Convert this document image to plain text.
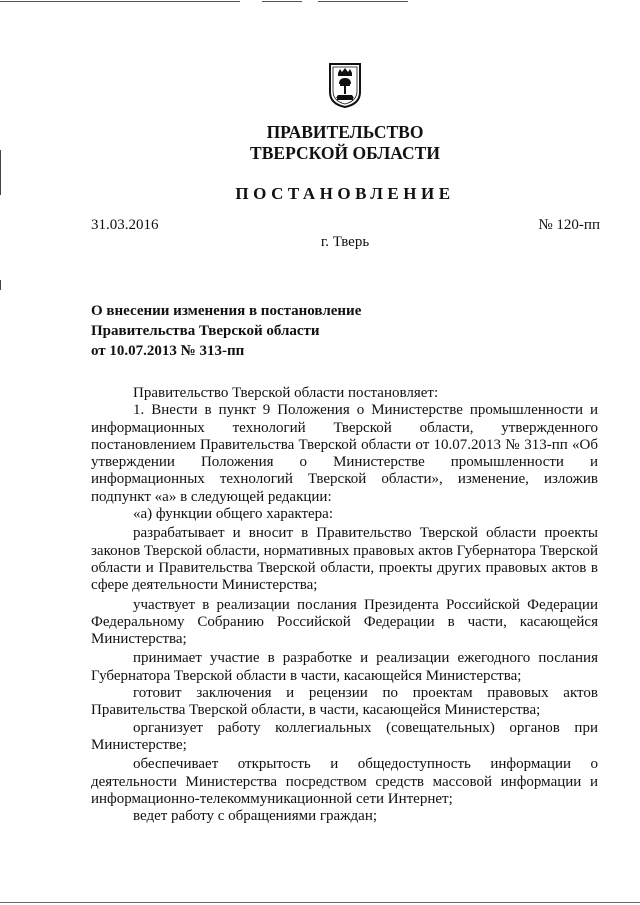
ПРАВИТЕЛЬСТВО
ТВЕРСКОЙ ОБЛАСТИ
ПОСТАНОВЛЕНИЕ
31.03.2016	№ 120-пп
г. Тверь
О внесении изменения в постановление
Правительства Тверской области
от 10.07.2013 № 313-пп

Правительство Тверской области постановляет:

1. Внести в пункт 9 Положения о Министерстве промышленности и информационных технологий Тверской области, утвержденного постановлением Правительства Тверской области от 10.07.2013 № 313-пп «Об утверждении Положения о Министерстве промышленности и информационных технологий Тверской области», изменение, изложив подпункт «а» в следующей редакции:

«а) функции общего характера:

разрабатывает и вносит в Правительство Тверской области проекты законов Тверской области, нормативных правовых актов Губернатора Тверской области и Правительства Тверской области, проекты других правовых актов в сфере деятельности Министерства;

участвует в реализации послания Президента Российской Федерации Федеральному Собранию Российской Федерации в части, касающейся Министерства;

принимает участие в разработке и реализации ежегодного послания Губернатора Тверской области в части, касающейся Министерства;

готовит заключения и рецензии по проектам правовых актов Правительства Тверской области, в части, касающейся Министерства;

организует работу коллегиальных (совещательных) органов при Министерстве;

обеспечивает открытость и общедоступность информации о деятельности Министерства посредством средств массовой информации и информационно-телекоммуникационной сети Интернет;

ведет работу с обращениями граждан;
